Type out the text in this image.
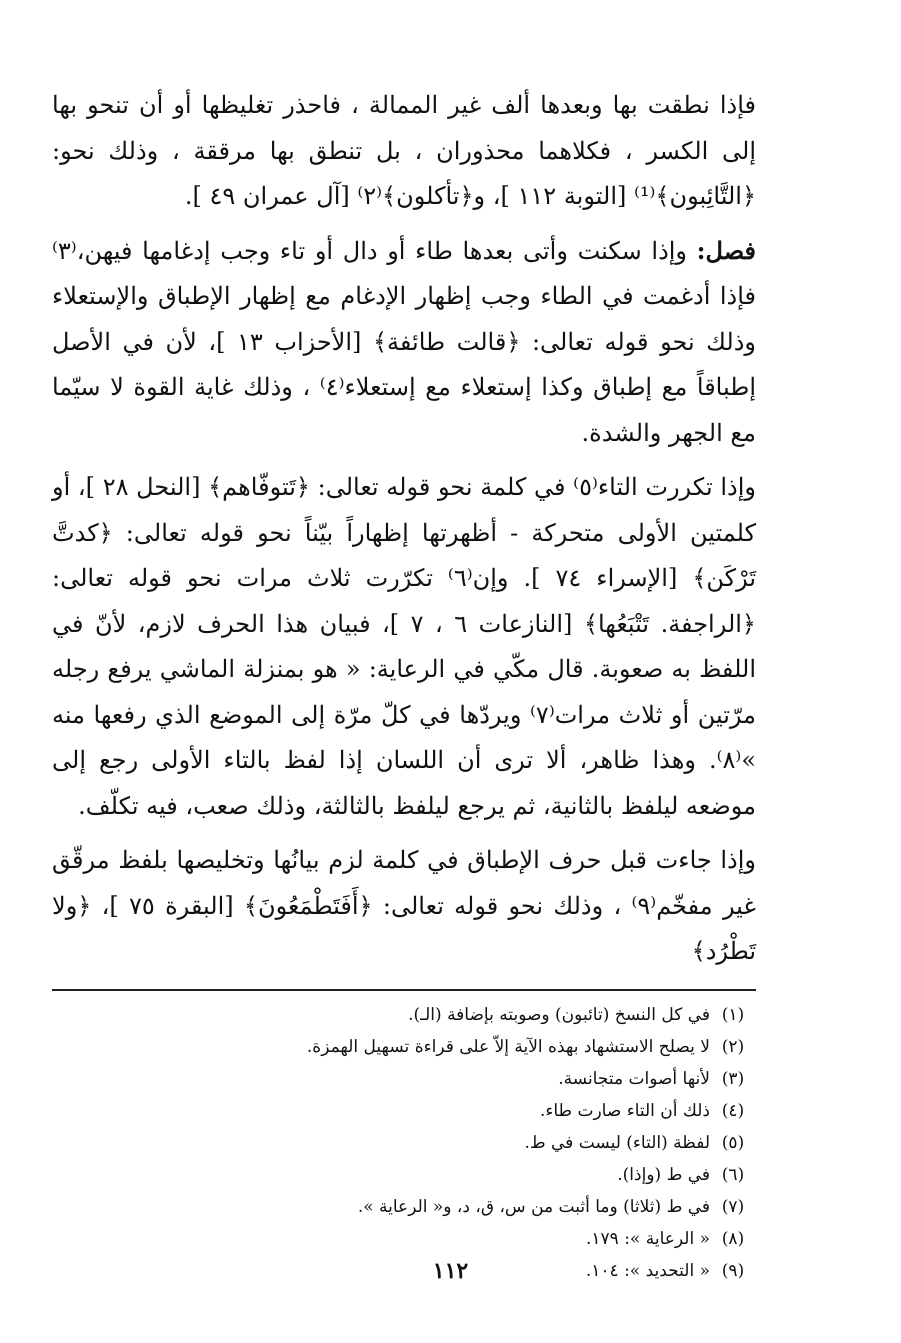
فإذا نطقت بها وبعدها ألف غير الممالة ، فاحذر تغليظها أو أن تنحو بها إلى الكسر ، فكلاهما محذوران ، بل تنطق بها مرققة ، وذلك نحو: ﴿التَّائِبون﴾⁽¹⁾ [التوبة ١١٢ ]، و﴿تأكلون﴾⁽٢⁾ [آل عمران ٤٩ ].

فصل: وإذا سكنت وأتى بعدها طاء أو دال أو تاء وجب إدغامها فيهن،⁽٣⁾ فإذا أدغمت في الطاء وجب إظهار الإدغام مع إظهار الإطباق والإستعلاء وذلك نحو قوله تعالى: ﴿قالت طائفة﴾ [الأحزاب ١٣ ]، لأن في الأصل إطباقاً مع إطباق وكذا إستعلاء مع إستعلاء⁽٤⁾ ، وذلك غاية القوة لا سيّما مع الجهر والشدة.

وإذا تكررت التاء⁽٥⁾ في كلمة نحو قوله تعالى: ﴿تَتوفّاهم﴾ [النحل ٢٨ ]، أو كلمتين الأولى متحركة - أظهرتها إظهاراً بيّناً نحو قوله تعالى: ﴿كدتَّ تَرْكَن﴾ [الإسراء ٧٤ ]. وإن⁽٦⁾ تكرّرت ثلاث مرات نحو قوله تعالى: ﴿الراجفة. تَتْبَعُها﴾ [النازعات ٦ ، ٧ ]، فبيان هذا الحرف لازم، لأنّ في اللفظ به صعوبة. قال مكّي في الرعاية: « هو بمنزلة الماشي يرفع رجله مرّتين أو ثلاث مرات⁽٧⁾ ويردّها في كلّ مرّة إلى الموضع الذي رفعها منه »⁽٨⁾. وهذا ظاهر، ألا ترى أن اللسان إذا لفظ بالتاء الأولى رجع إلى موضعه ليلفظ بالثانية، ثم يرجع ليلفظ بالثالثة، وذلك صعب، فيه تكلّف.

وإذا جاءت قبل حرف الإطباق في كلمة لزم بيانُها وتخليصها بلفظ مرقّق غير مفخّم⁽٩⁾ ، وذلك نحو قوله تعالى: ﴿أَفَتَطْمَعُونَ﴾ [البقرة ٧٥ ]، ﴿ولا تَطْرُد﴾

(١)
في كل النسخ (تائبون) وصوبته بإضافة (الـ).
(٢)
لا يصلح الاستشهاد بهذه الآية إلاّ على قراءة تسهيل الهمزة.
(٣)
لأنها أصوات متجانسة.
(٤)
ذلك أن التاء صارت طاء.
(٥)
لفظة (التاء) ليست في ط.
(٦)
في ط (وإذا).
(٧)
في ط (ثلاثا) وما أثبت من س، ق، د، و« الرعاية ».
(٨)
« الرعاية »: ١٧٩.
(٩)
« التحديد »: ١٠٤.
١١٢
